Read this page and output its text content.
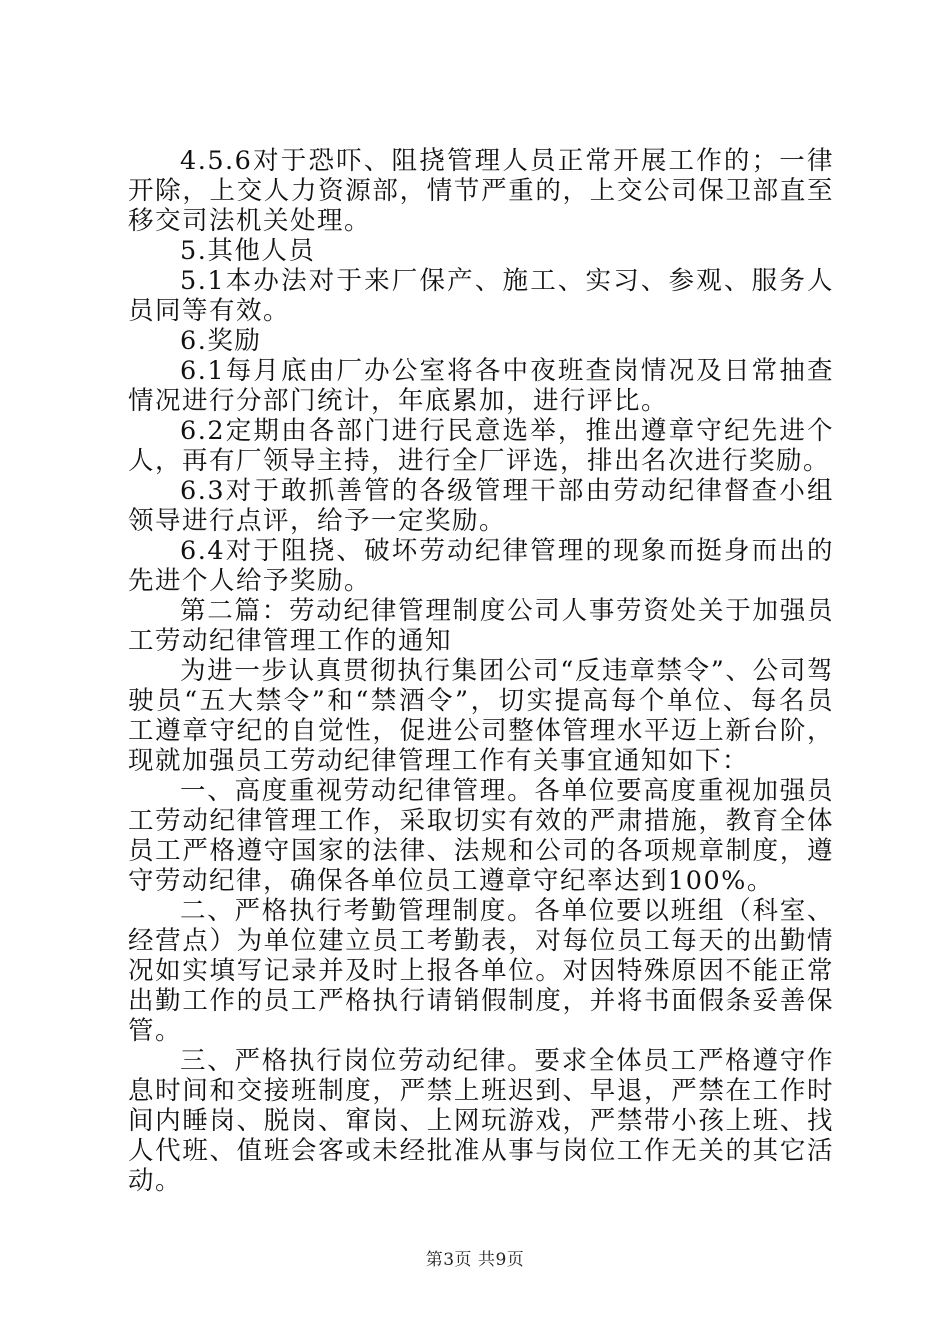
4.5.6对于恐吓、阻挠管理人员正常开展工作的；一律开除，上交人力资源部，情节严重的，上交公司保卫部直至移交司法机关处理。

5.其他人员

5.1本办法对于来厂保产、施工、实习、参观、服务人员同等有效。

6.奖励

6.1每月底由厂办公室将各中夜班查岗情况及日常抽查情况进行分部门统计，年底累加，进行评比。

6.2定期由各部门进行民意选举，推出遵章守纪先进个人，再有厂领导主持，进行全厂评选，排出名次进行奖励。

6.3对于敢抓善管的各级管理干部由劳动纪律督查小组领导进行点评，给予一定奖励。

6.4对于阻挠、破坏劳动纪律管理的现象而挺身而出的先进个人给予奖励。

第二篇：劳动纪律管理制度公司人事劳资处关于加强员工劳动纪律管理工作的通知

为进一步认真贯彻执行集团公司“反违章禁令”、公司驾驶员“五大禁令”和“禁酒令”，切实提高每个单位、每名员工遵章守纪的自觉性，促进公司整体管理水平迈上新台阶，现就加强员工劳动纪律管理工作有关事宜通知如下：

一、高度重视劳动纪律管理。各单位要高度重视加强员工劳动纪律管理工作，采取切实有效的严肃措施，教育全体员工严格遵守国家的法律、法规和公司的各项规章制度，遵守劳动纪律，确保各单位员工遵章守纪率达到100%。

二、严格执行考勤管理制度。各单位要以班组（科室、经营点）为单位建立员工考勤表，对每位员工每天的出勤情况如实填写记录并及时上报各单位。对因特殊原因不能正常出勤工作的员工严格执行请销假制度，并将书面假条妥善保管。

三、严格执行岗位劳动纪律。要求全体员工严格遵守作息时间和交接班制度，严禁上班迟到、早退，严禁在工作时间内睡岗、脱岗、窜岗、上网玩游戏，严禁带小孩上班、找人代班、值班会客或未经批准从事与岗位工作无关的其它活动。

第3页 共9页
